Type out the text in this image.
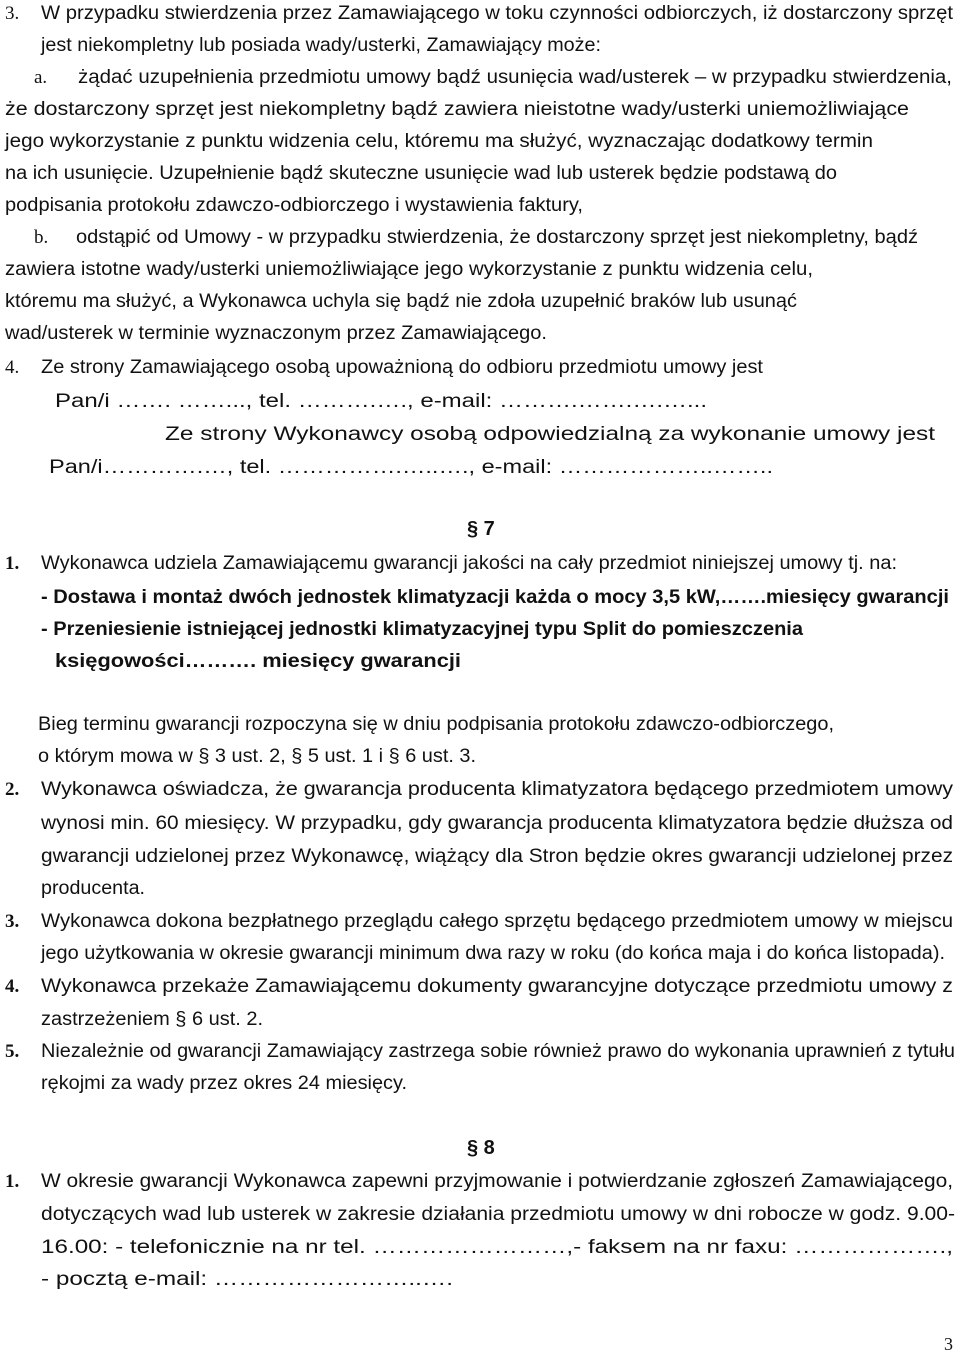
3. W przypadku stwierdzenia przez Zamawiającego w toku czynności odbiorczych, iż dostarczony sprzęt
jest niekompletny lub posiada wady/usterki, Zamawiający może:
a. żądać uzupełnienia przedmiotu umowy bądź usunięcia wad/usterek – w przypadku stwierdzenia,
że dostarczony sprzęt jest niekompletny bądź zawiera nieistotne wady/usterki uniemożliwiające
jego wykorzystanie z punktu widzenia celu, któremu ma służyć, wyznaczając dodatkowy termin
na ich usunięcie. Uzupełnienie bądź skuteczne usunięcie wad lub usterek będzie podstawą do
podpisania protokołu zdawczo-odbiorczego i wystawienia faktury,
b. odstąpić od Umowy - w przypadku stwierdzenia, że dostarczony sprzęt jest niekompletny, bądź
zawiera istotne wady/usterki uniemożliwiające jego wykorzystanie z punktu widzenia celu,
któremu ma służyć, a Wykonawca uchyla się bądź nie zdoła uzupełnić braków lub usunąć
wad/usterek w terminie wyznaczonym przez Zamawiającego.
4. Ze strony Zamawiającego osobą upoważnioną do odbioru przedmiotu umowy jest
Pan/i ……. ……..., tel. ……….…., e-mail: ……….…….….…...
Ze strony Wykonawcy osobą odpowiedzialną za wykonanie umowy jest
Pan/i………….…, tel. …………….…..…., e-mail: ………………..……..
§ 7
1. Wykonawca udziela Zamawiającemu gwarancji jakości na cały przedmiot niniejszej umowy tj. na:
- Dostawa i montaż dwóch jednostek klimatyzacji każda o mocy 3,5 kW,…….miesięcy gwarancji
- Przeniesienie istniejącej jednostki klimatyzacyjnej typu Split do pomieszczenia
księgowości………. miesięcy gwarancji
Bieg terminu gwarancji rozpoczyna się w dniu podpisania protokołu zdawczo-odbiorczego,
o którym mowa w § 3 ust. 2, § 5 ust. 1 i § 6 ust. 3.
2. Wykonawca oświadcza, że gwarancja producenta klimatyzatora będącego przedmiotem umowy
wynosi min. 60 miesięcy. W przypadku, gdy gwarancja producenta klimatyzatora będzie dłuższa od
gwarancji udzielonej przez Wykonawcę, wiążący dla Stron będzie okres gwarancji udzielonej przez
producenta.
3. Wykonawca dokona bezpłatnego przeglądu całego sprzętu będącego przedmiotem umowy w miejscu
jego użytkowania w okresie gwarancji minimum dwa razy w roku (do końca maja i do końca listopada).
4. Wykonawca przekaże Zamawiającemu dokumenty gwarancyjne dotyczące przedmiotu umowy z
zastrzeżeniem § 6 ust. 2.
5. Niezależnie od gwarancji Zamawiający zastrzega sobie również prawo do wykonania uprawnień z tytułu
rękojmi za wady przez okres 24 miesięcy.
§ 8
1. W okresie gwarancji Wykonawca zapewni przyjmowanie i potwierdzanie zgłoszeń Zamawiającego,
dotyczących wad lub usterek w zakresie działania przedmiotu umowy w dni robocze w godz. 9.00-
16.00: - telefonicznie na nr tel. ……………………,- faksem na nr faxu: ……………….,
- pocztą e-mail: ……………………..….
3
